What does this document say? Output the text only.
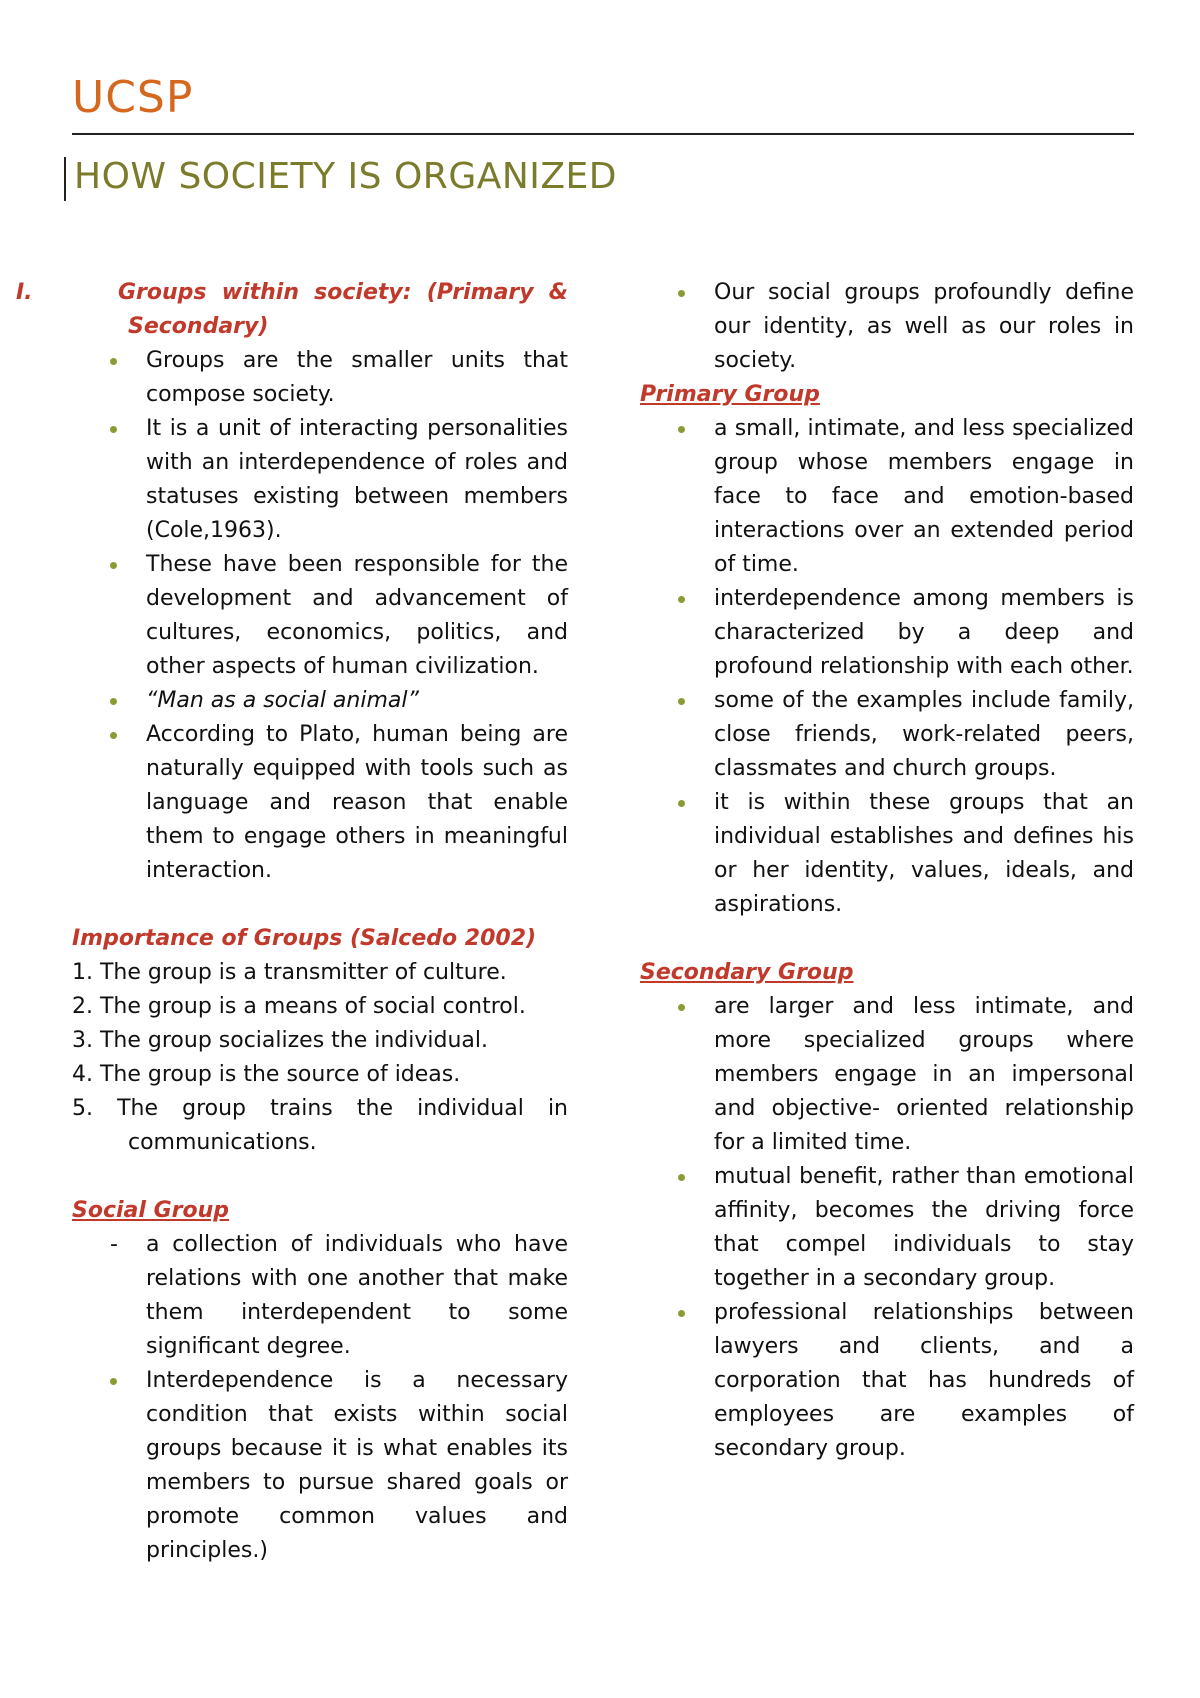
UCSP
HOW SOCIETY IS ORGANIZED

I.	Groups within society: (Primary & Secondary)

Groups are the smaller units that compose society.
It is a unit of interacting personalities with an interdependence of roles and statuses existing between members (Cole,1963).
These have been responsible for the development and advancement of cultures, economics, politics, and other aspects of human civilization.
“Man as a social animal”
According to Plato, human being are naturally equipped with tools such as language and reason that enable them to engage others in meaningful interaction.

Importance of Groups (Salcedo 2002)

1. The group is a transmitter of culture.

2. The group is a means of social control.

3. The group socializes the individual.

4. The group is the source of ideas.

5. The group trains the individual in communications.

Social Group

- a collection of individuals who have relations with one another that make them interdependent to some significant degree.
Interdependence is a necessary condition that exists within social groups because it is what enables its members to pursue shared goals or promote common values and principles.)
Our social groups profoundly define our identity, as well as our roles in society.

Primary Group

a small, intimate, and less specialized group whose members engage in face to face and emotion-based interactions over an extended period of time.
interdependence among members is characterized by a deep and profound relationship with each other.
some of the examples include family, close friends, work-related peers, classmates and church groups.
it is within these groups that an individual establishes and defines his or her identity, values, ideals, and aspirations.

Secondary Group

are larger and less intimate, and more specialized groups where members engage in an impersonal and objective- oriented relationship for a limited time.
mutual benefit, rather than emotional affinity, becomes the driving force that compel individuals to stay together in a secondary group.
professional relationships between lawyers and clients, and a corporation that has hundreds of employees are examples of secondary group.
